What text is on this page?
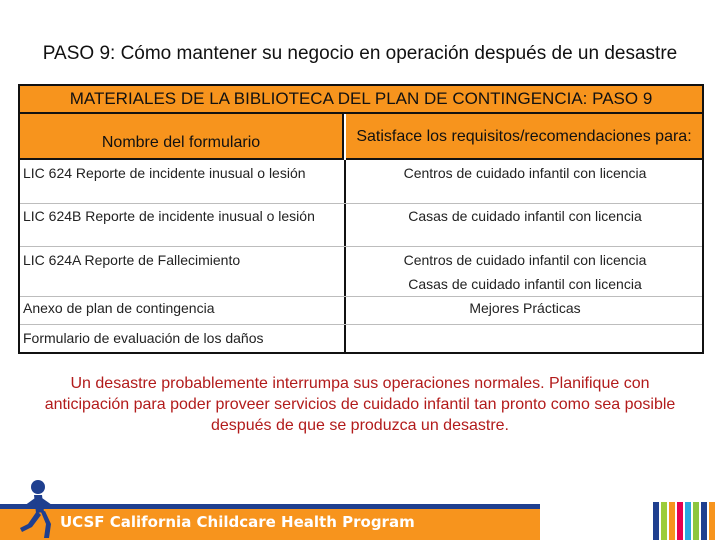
PASO 9: Cómo mantener su negocio en operación después de un desastre
MATERIALES DE LA BIBLIOTECA DEL PLAN DE CONTINGENCIA: PASO 9
Nombre del formulario	Satisface los requisitos/recomendaciones para:
LIC 624 Reporte de incidente inusual o lesión	Centros de cuidado infantil con licencia
LIC 624B Reporte de incidente inusual o lesión	Casas de cuidado infantil con licencia
LIC 624A Reporte de Fallecimiento	Centros de cuidado infantil con licencia
Casas de cuidado infantil con licencia
Anexo de plan de contingencia	Mejores Prácticas
Formulario de evaluación de los daños
Un desastre probablemente interrumpa sus operaciones normales. Planifique con anticipación para poder proveer servicios de cuidado infantil tan pronto como sea posible después de que se produzca un desastre.
UCSF California Childcare Health Program
